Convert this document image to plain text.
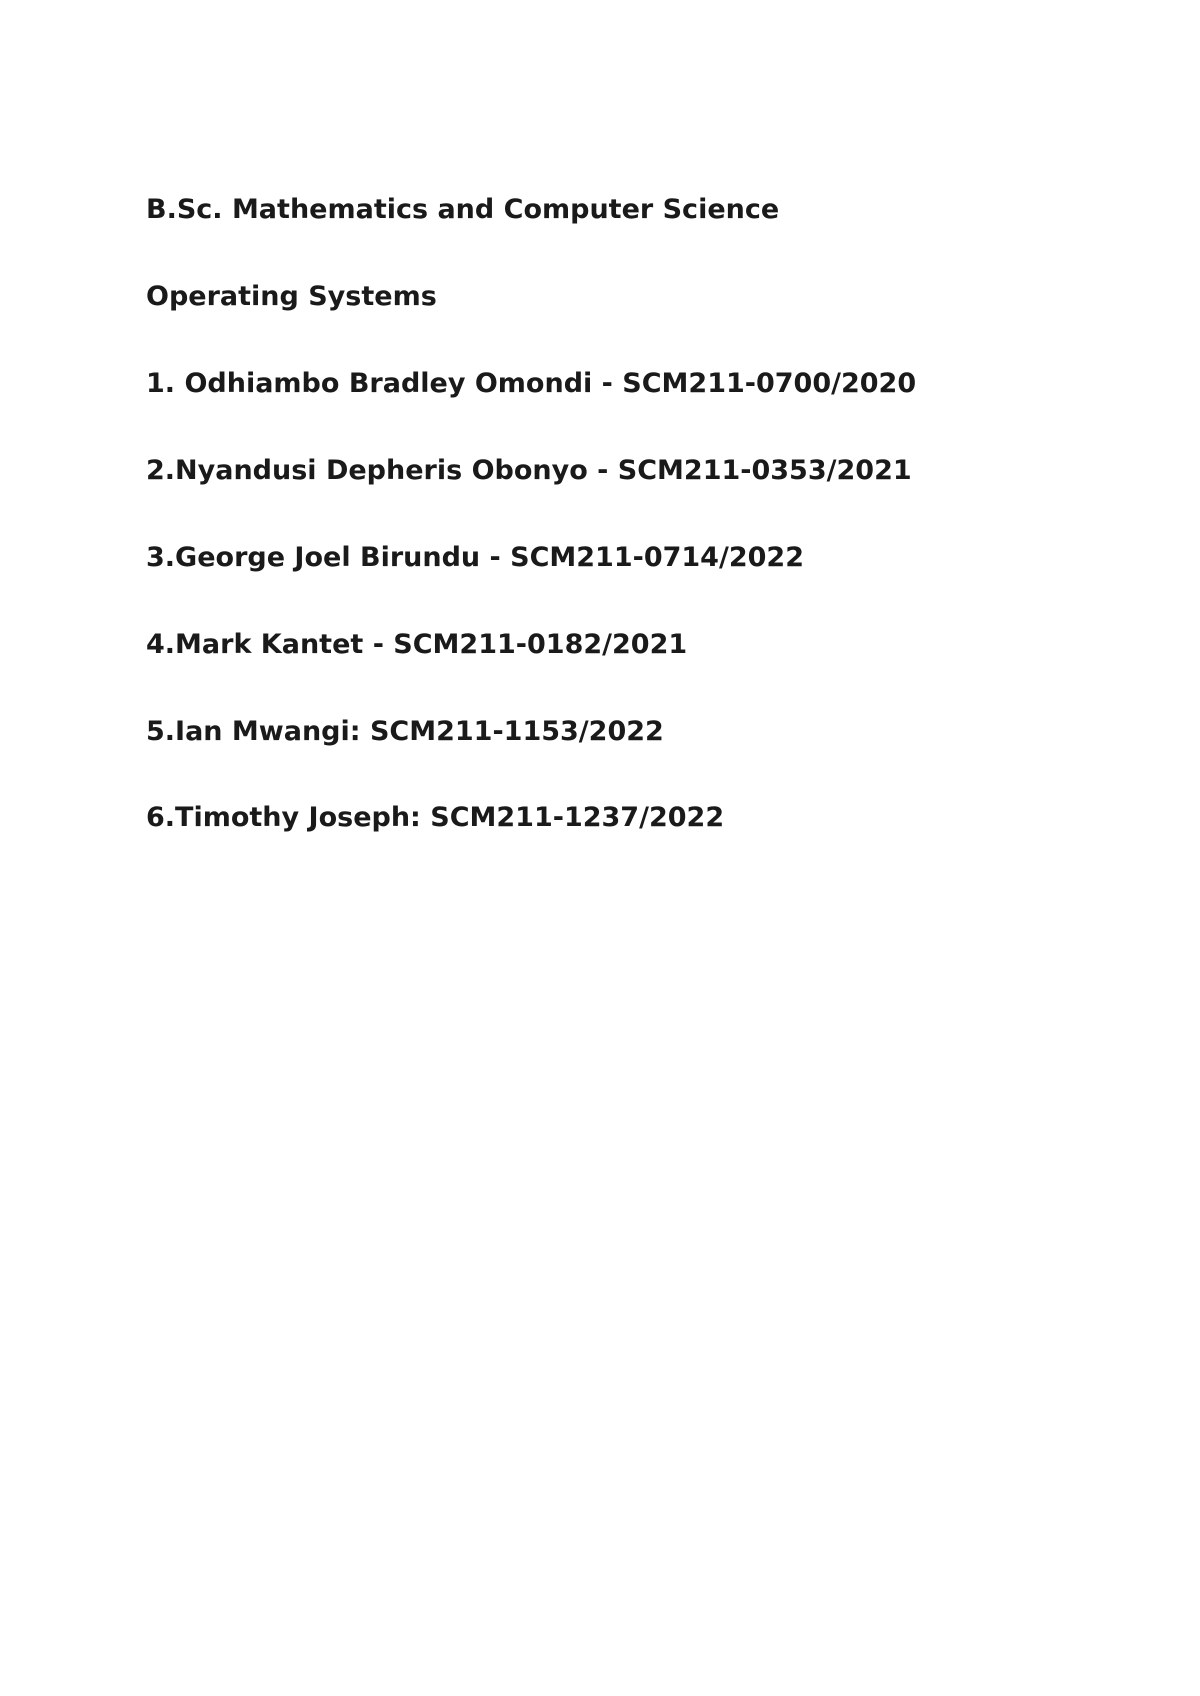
B.Sc. Mathematics and Computer Science

Operating Systems

1. Odhiambo Bradley Omondi - SCM211-0700/2020

2.Nyandusi Depheris Obonyo - SCM211-0353/2021

3.George Joel Birundu - SCM211-0714/2022

4.Mark Kantet - SCM211-0182/2021

5.Ian Mwangi: SCM211-1153/2022

6.Timothy Joseph: SCM211-1237/2022
